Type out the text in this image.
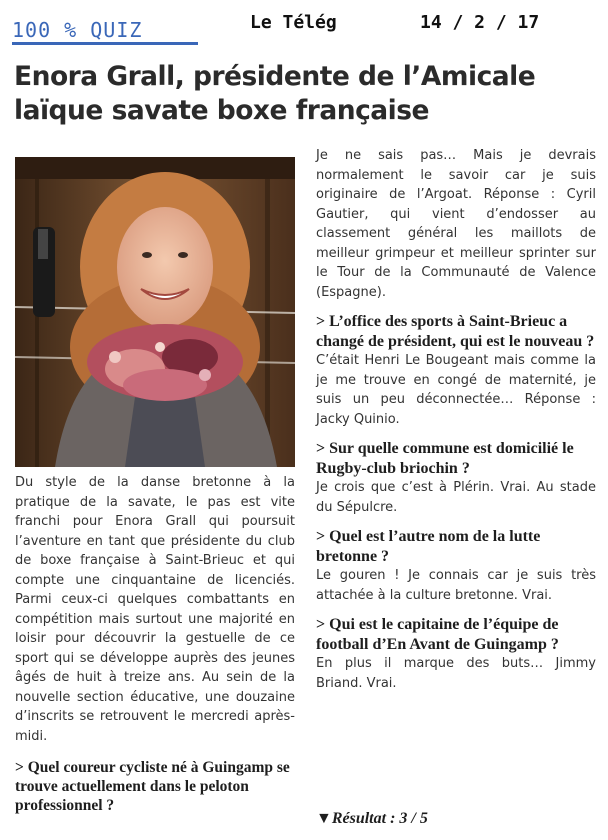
100 % QUIZ	Le Télég	14 / 2 / 17
Enora Grall, présidente de l’Amicale laïque savate boxe française

Du style de la danse bretonne à la pratique de la savate, le pas est vite franchi pour Enora Grall qui poursuit l’aventure en tant que présidente du club de boxe française à Saint-Brieuc et qui compte une cinquantaine de licenciés. Parmi ceux-ci quelques combattants en compétition mais surtout une majorité en loisir pour découvrir la gestuelle de ce sport qui se développe auprès des jeunes âgés de huit à treize ans. Au sein de la nouvelle section éducative, une douzaine d’inscrits se retrouvent le mercredi après-midi.

> Quel coureur cycliste né à Guingamp se trouve actuellement dans le peloton professionnel ?

Je ne sais pas… Mais je devrais normalement le savoir car je suis originaire de l’Argoat. Réponse : Cyril Gautier, qui vient d’endosser au classement général les maillots de meilleur grimpeur et meilleur sprinter sur le Tour de la Communauté de Valence (Espagne).

> L’office des sports à Saint-Brieuc a changé de président, qui est le nouveau ?

C’était Henri Le Bougeant mais comme la je me trouve en congé de maternité, je suis un peu déconnectée… Réponse : Jacky Quinio.

> Sur quelle commune est domicilié le Rugby-club briochin ?

Je crois que c’est à Plérin. Vrai. Au stade du Sépulcre.

> Quel est l’autre nom de la lutte bretonne ?

Le gouren ! Je connais car je suis très attachée à la culture bretonne. Vrai.

> Qui est le capitaine de l’équipe de football d’En Avant de Guingamp ?

En plus il marque des buts… Jimmy Briand. Vrai.

▼Résultat : 3 / 5
